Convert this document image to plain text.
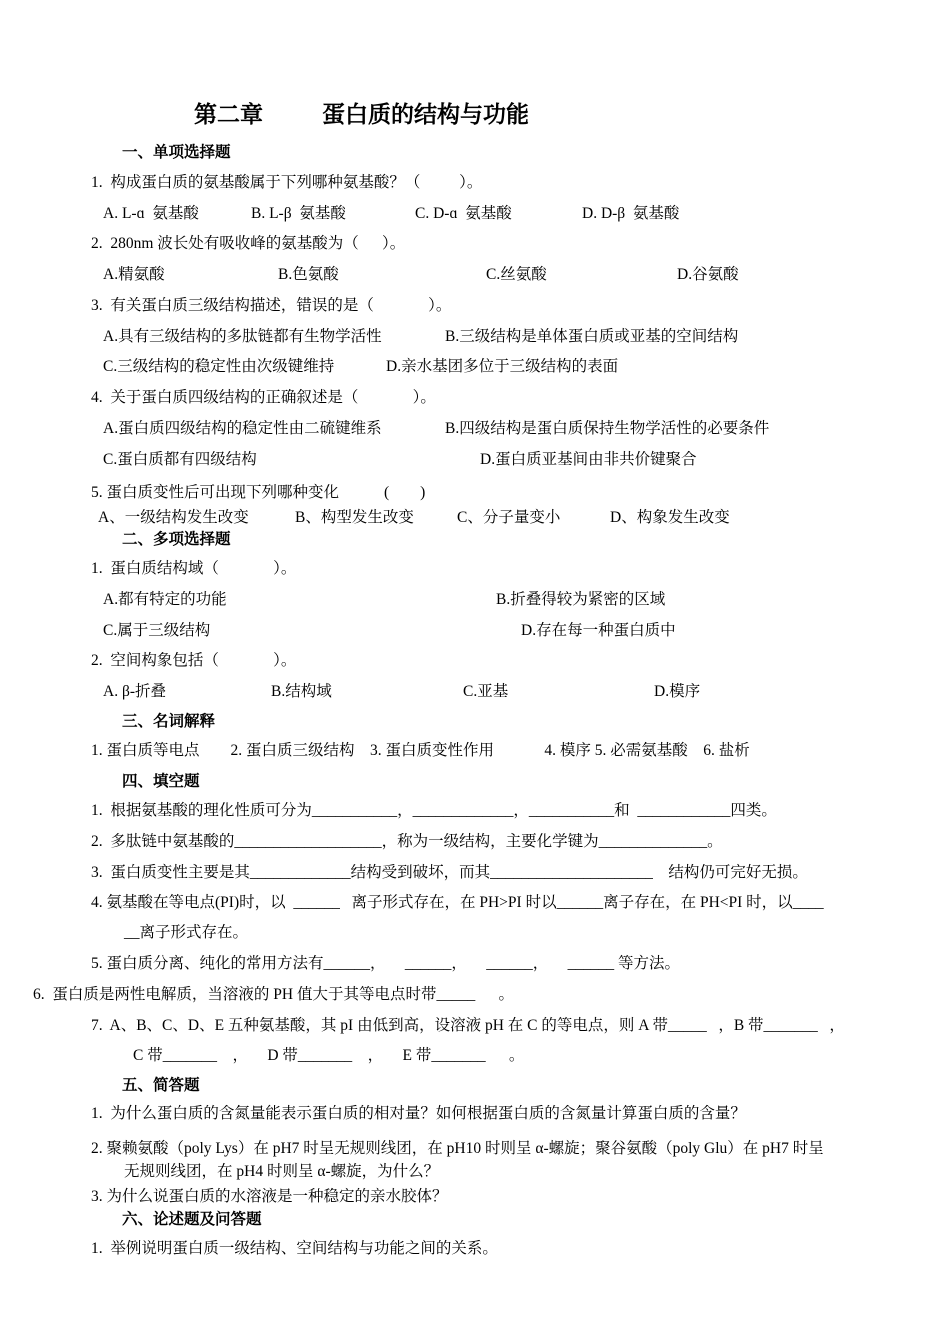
第二章	蛋白质的结构与功能
一、单项选择题
1.  构成蛋白质的氨基酸属于下列哪种氨基酸？（          ）。
A. L-ɑ  氨基酸	B. L-β  氨基酸	C. D-ɑ  氨基酸	D. D-β  氨基酸
2.  280nm 波长处有吸收峰的氨基酸为（      ）。
A.精氨酸	B.色氨酸	C.丝氨酸	D.谷氨酸
3.  有关蛋白质三级结构描述，错误的是（              ）。
A.具有三级结构的多肽链都有生物学活性	B.三级结构是单体蛋白质或亚基的空间结构
C.三级结构的稳定性由次级键维持	D.亲水基团多位于三级结构的表面
4.  关于蛋白质四级结构的正确叙述是（              ）。
A.蛋白质四级结构的稳定性由二硫键维系	B.四级结构是蛋白质保持生物学活性的必要条件
C.蛋白质都有四级结构	D.蛋白质亚基间由非共价键聚合
5. 蛋白质变性后可出现下列哪种变化	(        )
A、一级结构发生改变	B、构型发生改变	C、分子量变小	D、构象发生改变
二、多项选择题
1.  蛋白质结构域（              ）。
A.都有特定的功能	B.折叠得较为紧密的区域
C.属于三级结构	D.存在每一种蛋白质中
2.  空间构象包括（              ）。
A. β-折叠	B.结构域	C.亚基	D.模序
三、名词解释
1. 蛋白质等电点        2. 蛋白质三级结构    3. 蛋白质变性作用             4. 模序 5. 必需氨基酸    6. 盐析
四、填空题
1.  根据氨基酸的理化性质可分为___________，_____________，___________和  ____________四类。
2.  多肽链中氨基酸的___________________，称为一级结构，主要化学键为______________。
3.  蛋白质变性主要是其_____________结构受到破坏，而其_____________________    结构仍可完好无损。
4. 氨基酸在等电点(PI)时，以  ______   离子形式存在，在 PH>PI 时以______离子存在，在 PH<PI 时，以____
__离子形式存在。
5. 蛋白质分离、纯化的常用方法有______，     ______，     ______，     ______ 等方法。
6.  蛋白质是两性电解质，当溶液的 PH 值大于其等电点时带_____      。
7.  A、B、C、D、E 五种氨基酸，其 pI 由低到高，设溶液 pH 在 C 的等电点，则 A 带_____   ，B 带_______   ，
C 带_______    ，     D 带_______    ，     E 带_______      。
五、简答题
1.  为什么蛋白质的含氮量能表示蛋白质的相对量？如何根据蛋白质的含氮量计算蛋白质的含量？
2. 聚赖氨酸（poly Lys）在 pH7 时呈无规则线团，在 pH10 时则呈 α-螺旋；聚谷氨酸（poly Glu）在 pH7 时呈
无规则线团，在 pH4 时则呈 α-螺旋，为什么？
3. 为什么说蛋白质的水溶液是一种稳定的亲水胶体？
六、论述题及问答题
1.  举例说明蛋白质一级结构、空间结构与功能之间的关系。
